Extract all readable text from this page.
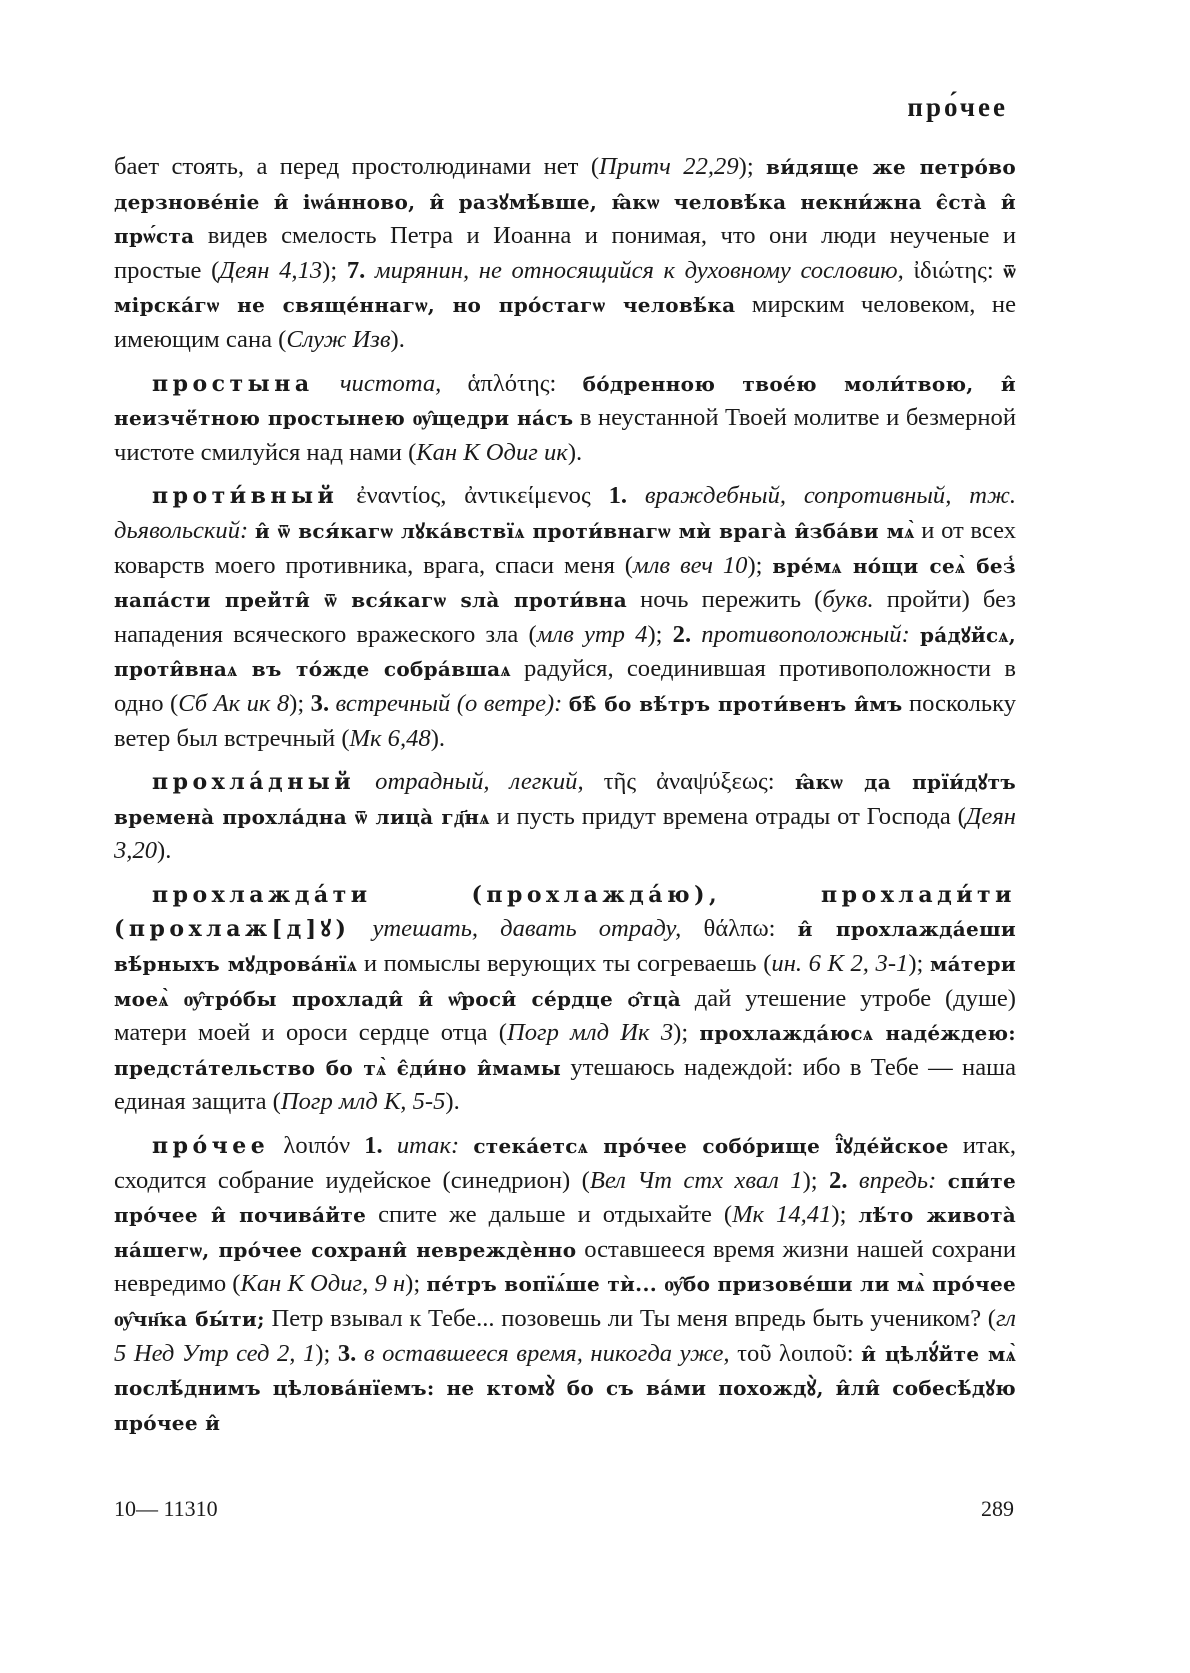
про́чее

бает стоять, а перед простолюдинами нет (Притч 22,29); ви́дяще же петро́во дерзнове́ніе и̂ іѡа́нново, и̂ разꙋмѣ́вше, ꙗ̂кѡ человѣ́ка некни́жна є̂ста̀ и̂ прѡ́ста видев смелость Петра и Иоанна и понимая, что они люди неученые и простые (Деян 4,13); 7. мирянин, не относящийся к духовному сословию, ἰδιώτης: ѿ мірска́гѡ не свяще́ннагѡ, но про́стагѡ человѣ́ка мирским человеком, не имеющим сана (Служ Изв).

простына чистота, ἁπλότης: бо́дренною твое́ю моли́твою, и̂ неизчё́тною простынею ѹ̂щедри на́съ в неустанной Твоей молитве и безмерной чистоте смилуйся над нами (Кан К Одиг ик).

проти́вный ἐναντίος, ἀντικείμενος 1. враждебный, сопротивный, тж. дьявольский: и̂ ѿ вся́кагѡ лꙋка́вствїѧ проти́внагѡ мѝ врага̀ и̂зба́ви мѧ̀ и от всех коварств моего противника, врага, спаси меня (млв веч 10); вре́мѧ но́щи сеѧ̀ без̾ напа́сти прейти̂ ѿ вся́кагѡ ѕла̀ проти́вна ночь пережить (букв. пройти) без нападения всяческого вражеского зла (млв утр 4); 2. противоположный: ра́дꙋйсѧ, проти̂внаѧ въ то́жде собра́вшаѧ радуйся, соединившая противоположности в одно (Сб Ак ик 8); 3. встречный (о ветре): бѣ̂ бо вѣ́тръ проти́венъ и̂мъ поскольку ветер был встречный (Мк 6,48).

прохла́дный отрадный, легкий, τῆς ἀναψύξεως: ꙗ̂кѡ да прїи́дꙋтъ времена̀ прохла́дна ѿ лица̀ гд҃нѧ и пусть придут времена отрады от Господа (Деян 3,20).

прохлажда́ти (прохлажда́ю), прохлади́ти (прохлаж[д]ꙋ) утешать, давать отраду, θάλπω: и̂ прохлажда́еши вѣ́рныхъ мꙋдрова́нїѧ и помыслы верующих ты согреваешь (ин. 6 К 2, 3-1); ма́тери моеѧ̀ ѹ̂тро́бы прохлади̂ и̂ ѡ̂роси̂ се́рдце ѻ̂тца̀ дай утешение утробе (душе) матери моей и ороси сердце отца (Погр млд Ик 3); прохлажда́юсѧ наде́ждею: предста́тельство бо тѧ̀ є̂ди́но и̂мамы утешаюсь надеждой: ибо в Тебе — наша единая защита (Погр млд К, 5-5).

про́чее λοιπόν 1. итак: стека́етсѧ про́чее собо́рище ї̂ꙋде́йское итак, сходится собрание иудейское (синедрион) (Вел Чт стх хвал 1); 2. впредь: спи́те про́чее и̂ почива́йте спите же дальше и отдыхайте (Мк 14,41); лѣ́то живота̀ на́шегѡ, про́чее сохрани̂ невреждѐнно оставшееся время жизни нашей сохрани невредимо (Кан К Одиг, 9 н); пе́тръ вопїѧ́ше тѝ... ѹ̂бо призове́ши ли мѧ̀ про́чее ѹ̂чн҃ка бы́ти; Петр взывал к Тебе... позовешь ли Ты меня впредь быть учеником? (гл 5 Нед Утр сед 2, 1); 3. в оставшееся время, никогда уже, τοῦ λοιποῦ: и̂ цѣлꙋ́йте мѧ̀ послѣ́днимъ цѣлова́нїемъ: не ктомꙋ̀ бо съ ва́ми похождꙋ̀, и̂ли̂ собесѣ́дꙋю про́чее и̂

10— 11310	289
